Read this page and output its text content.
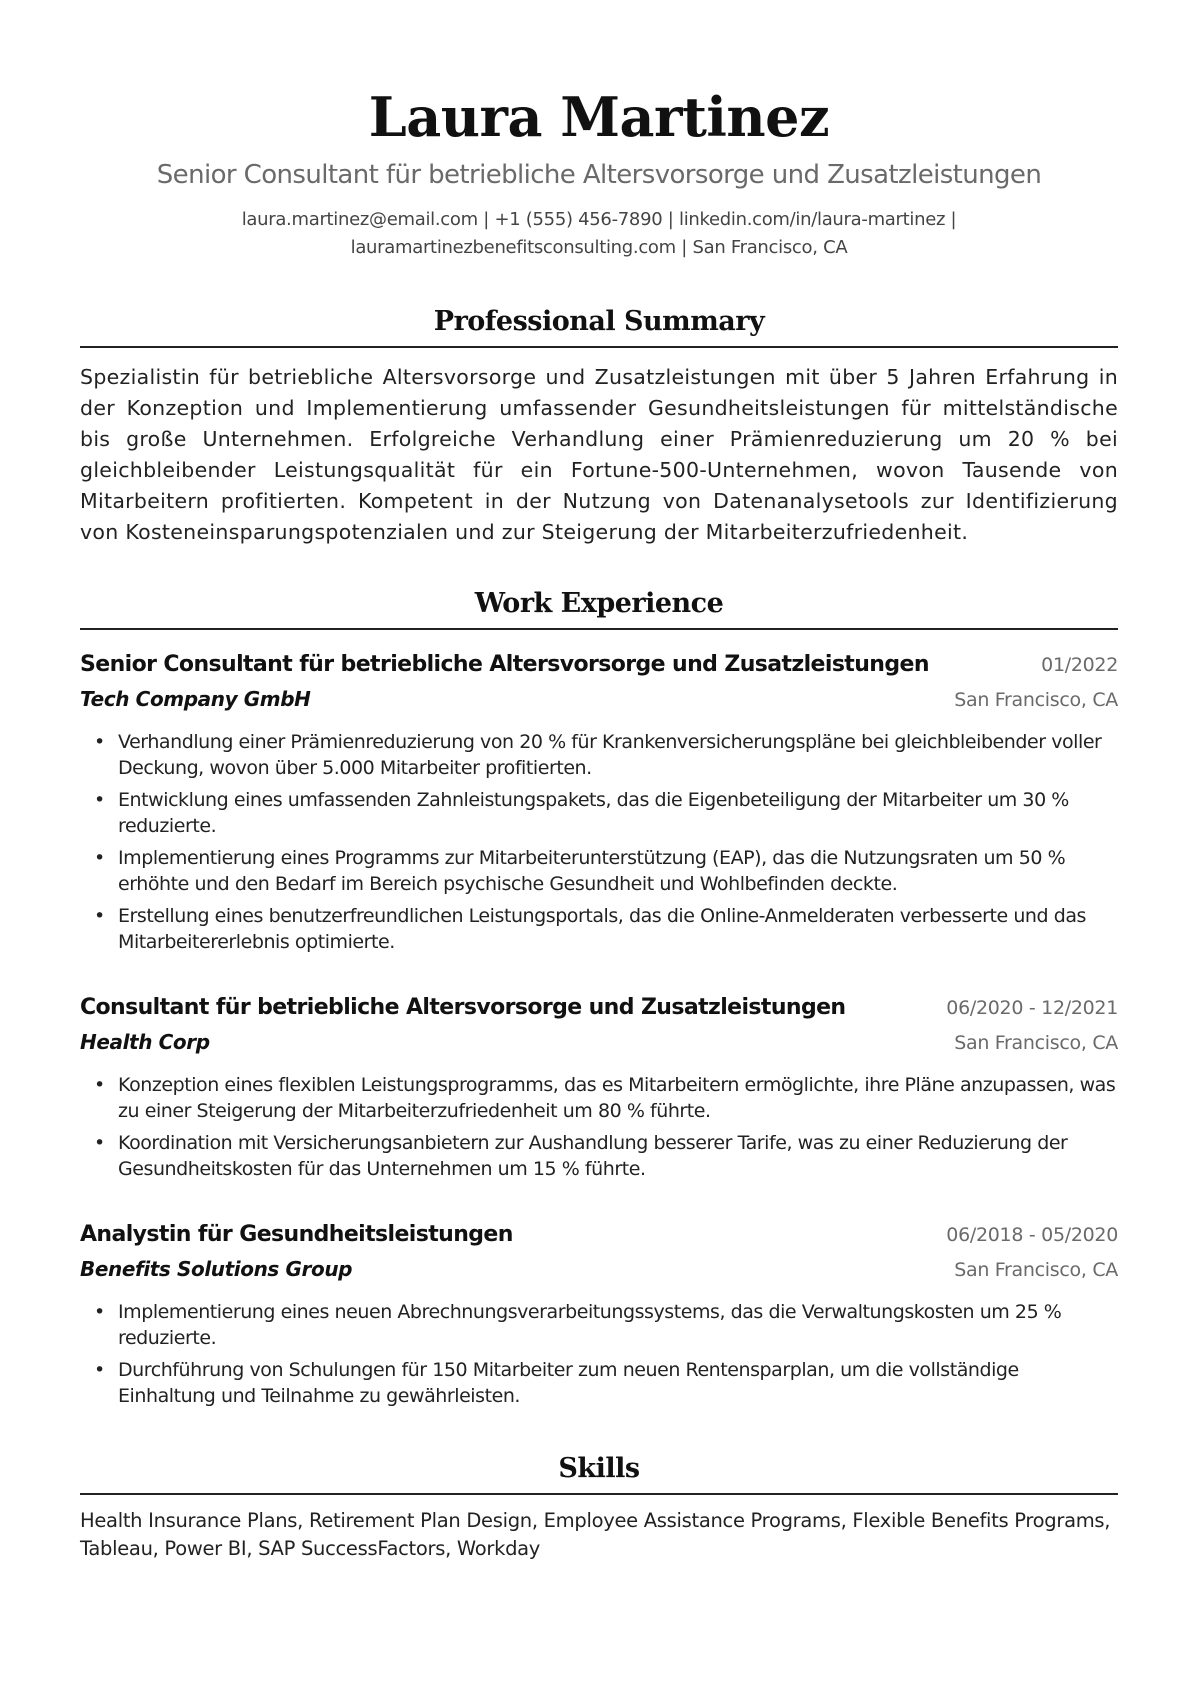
Laura Martinez
Senior Consultant für betriebliche Altersvorsorge und Zusatzleistungen
laura.martinez@email.com | +1 (555) 456-7890 | linkedin.com/in/laura-martinez |
lauramartinezbenefitsconsulting.com | San Francisco, CA
Professional Summary

Spezialistin für betriebliche Altersvorsorge und Zusatzleistungen mit über 5 Jahren Erfahrung in der Konzeption und Implementierung umfassender Gesundheitsleistungen für mittelständische bis große Unternehmen. Erfolgreiche Verhandlung einer Prämienreduzierung um 20 % bei gleichbleibender Leistungsqualität für ein Fortune-500-Unternehmen, wovon Tausende von Mitarbeitern profitierten. Kompetent in der Nutzung von Datenanalysetools zur Identifizierung von Kosteneinsparungspotenzialen und zur Steigerung der Mitarbeiterzufriedenheit.

Work Experience
Senior Consultant für betriebliche Altersvorsorge und Zusatzleistungen	01/2022
Tech Company GmbH	San Francisco, CA
• Verhandlung einer Prämienreduzierung von 20 % für Krankenversicherungspläne bei gleichbleibender voller Deckung, wovon über 5.000 Mitarbeiter profitierten.
• Entwicklung eines umfassenden Zahnleistungspakets, das die Eigenbeteiligung der Mitarbeiter um 30 % reduzierte.
• Implementierung eines Programms zur Mitarbeiterunterstützung (EAP), das die Nutzungsraten um 50 % erhöhte und den Bedarf im Bereich psychische Gesundheit und Wohlbefinden deckte.
• Erstellung eines benutzerfreundlichen Leistungsportals, das die Online-Anmelderaten verbesserte und das Mitarbeitererlebnis optimierte.
Consultant für betriebliche Altersvorsorge und Zusatzleistungen	06/2020 - 12/2021
Health Corp	San Francisco, CA
• Konzeption eines flexiblen Leistungsprogramms, das es Mitarbeitern ermöglichte, ihre Pläne anzupassen, was zu einer Steigerung der Mitarbeiterzufriedenheit um 80 % führte.
• Koordination mit Versicherungsanbietern zur Aushandlung besserer Tarife, was zu einer Reduzierung der Gesundheitskosten für das Unternehmen um 15 % führte.
Analystin für Gesundheitsleistungen	06/2018 - 05/2020
Benefits Solutions Group	San Francisco, CA
• Implementierung eines neuen Abrechnungsverarbeitungssystems, das die Verwaltungskosten um 25 % reduzierte.
• Durchführung von Schulungen für 150 Mitarbeiter zum neuen Rentensparplan, um die vollständige Einhaltung und Teilnahme zu gewährleisten.
Skills

Health Insurance Plans, Retirement Plan Design, Employee Assistance Programs, Flexible Benefits Programs, Tableau, Power BI, SAP SuccessFactors, Workday
